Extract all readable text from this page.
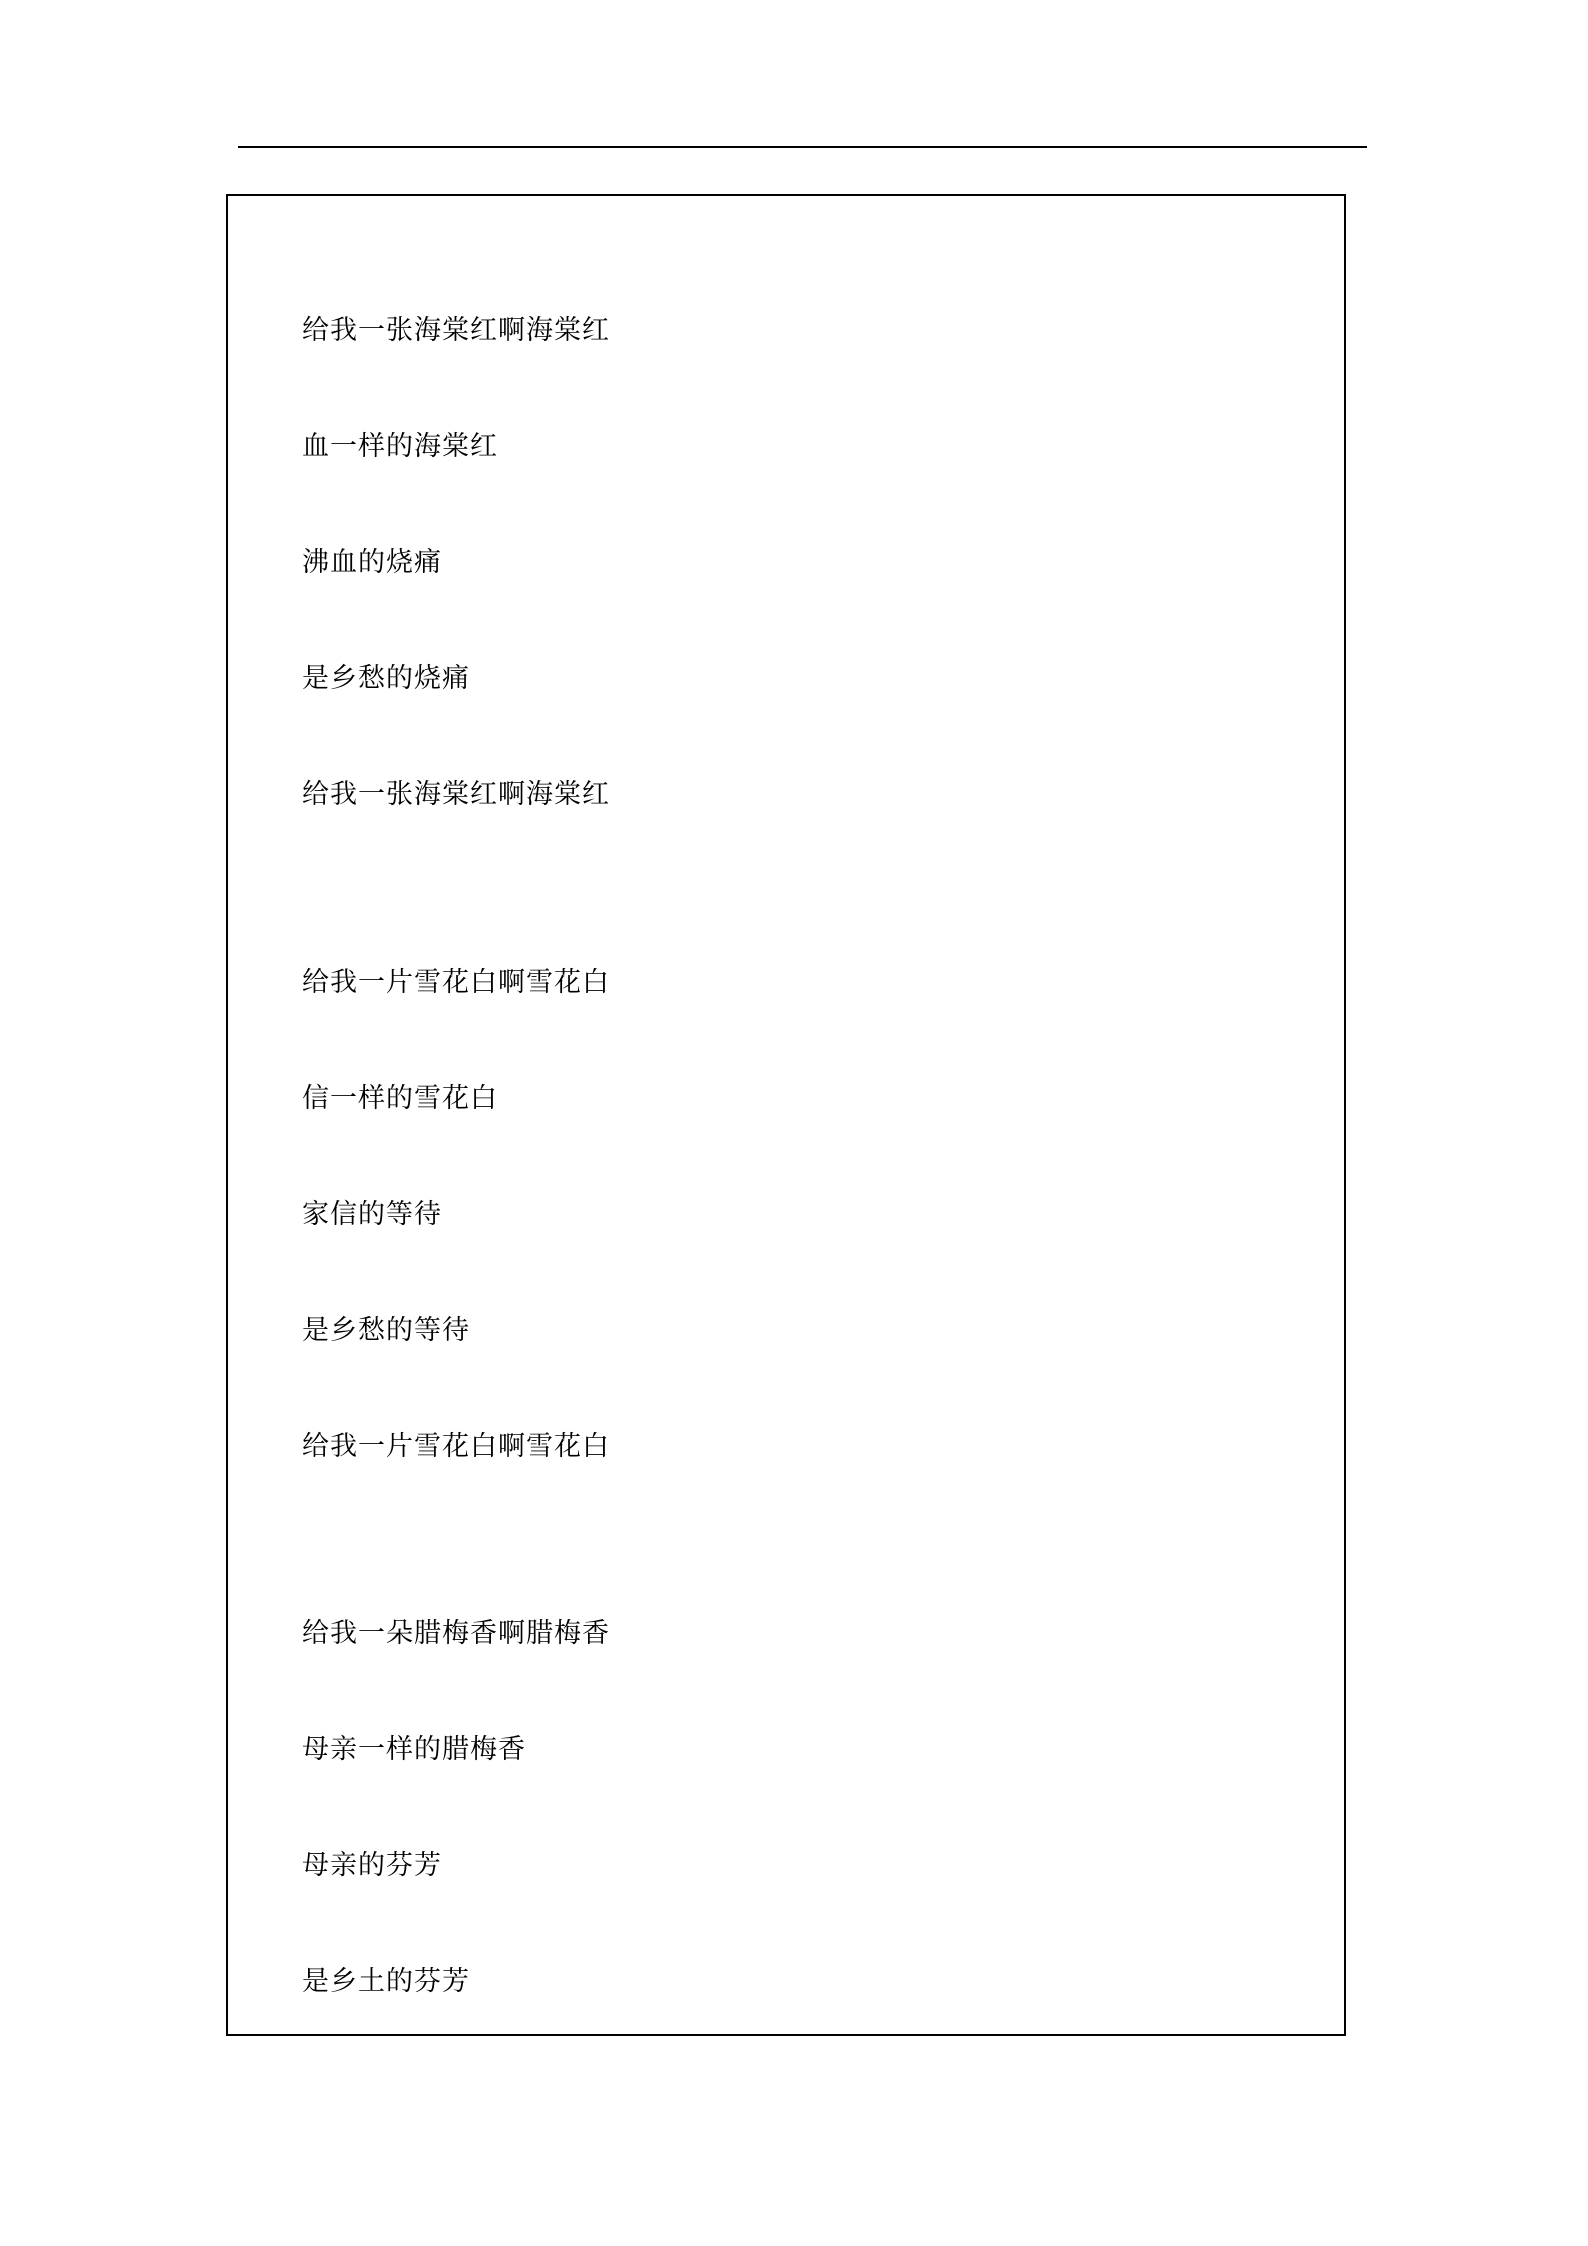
给我一张海棠红啊海棠红
血一样的海棠红
沸血的烧痛
是乡愁的烧痛
给我一张海棠红啊海棠红
给我一片雪花白啊雪花白
信一样的雪花白
家信的等待
是乡愁的等待
给我一片雪花白啊雪花白
给我一朵腊梅香啊腊梅香
母亲一样的腊梅香
母亲的芬芳
是乡土的芬芳
